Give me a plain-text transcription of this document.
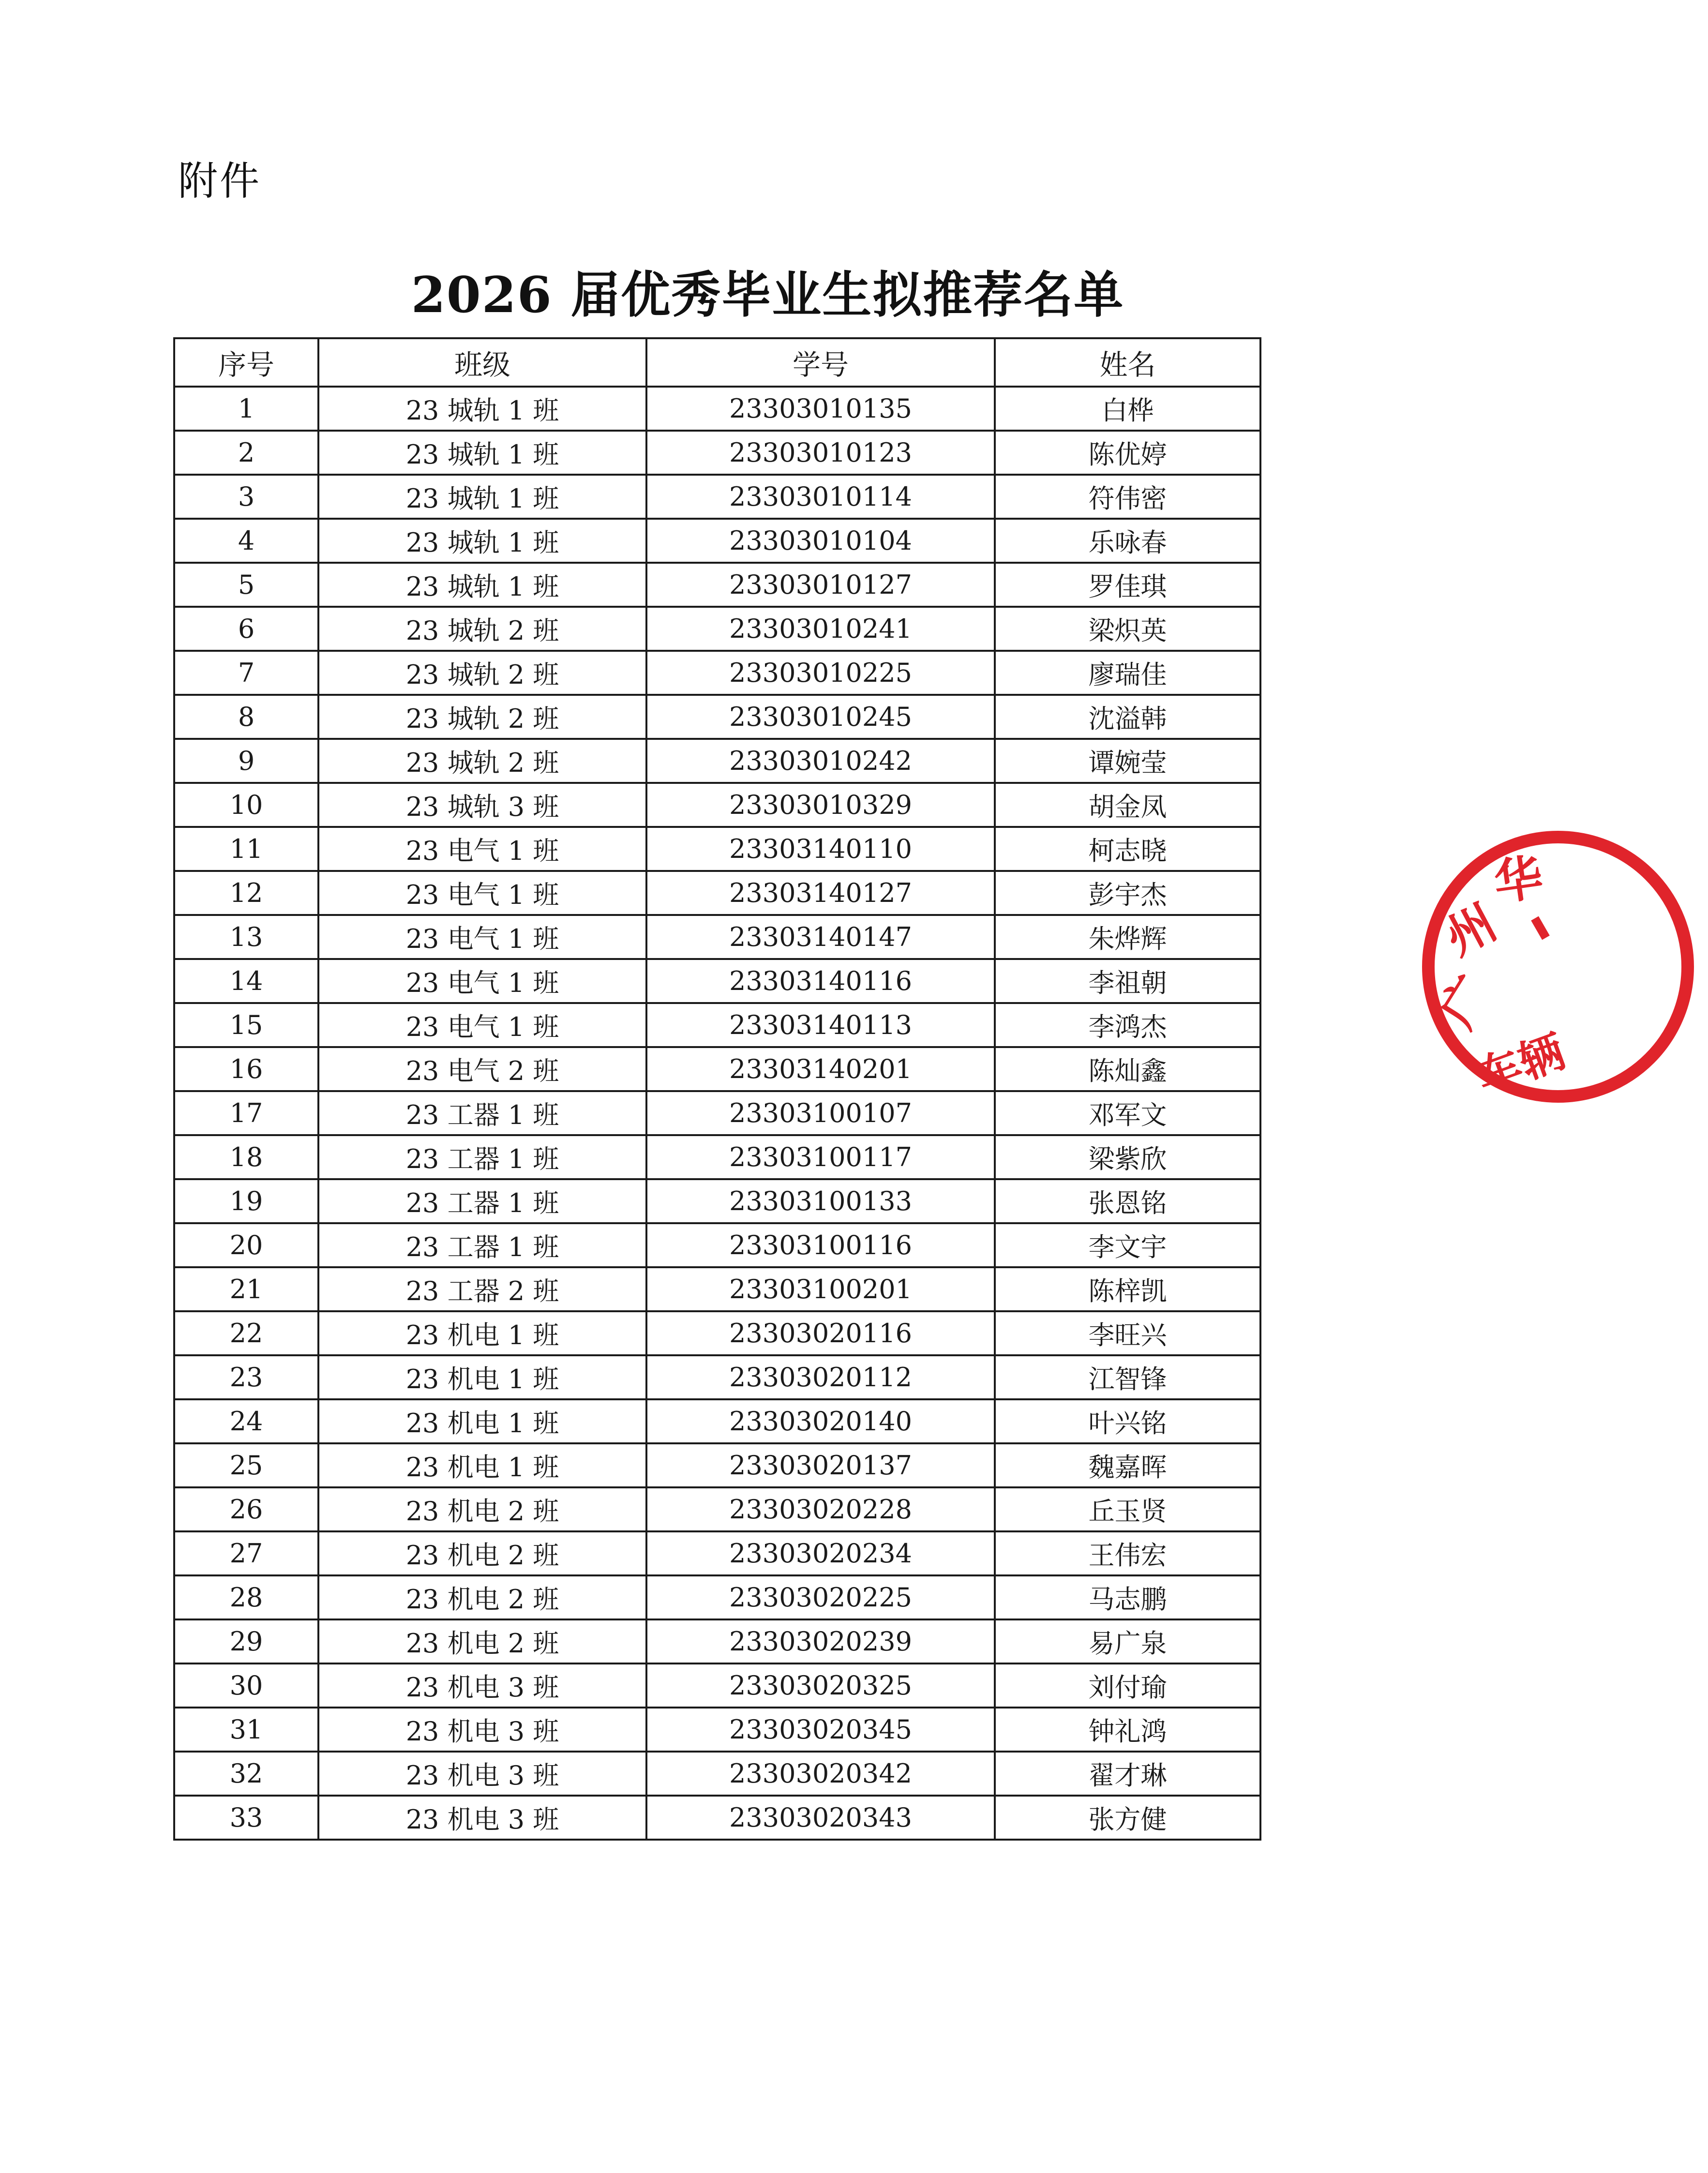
附件
2026 届优秀毕业生拟推荐名单
序号	班级	学号	姓名
1	23 城轨 1 班	23303010135	白桦
2	23 城轨 1 班	23303010123	陈优婷
3	23 城轨 1 班	23303010114	符伟密
4	23 城轨 1 班	23303010104	乐咏春
5	23 城轨 1 班	23303010127	罗佳琪
6	23 城轨 2 班	23303010241	梁炽英
7	23 城轨 2 班	23303010225	廖瑞佳
8	23 城轨 2 班	23303010245	沈溢韩
9	23 城轨 2 班	23303010242	谭婉莹
10	23 城轨 3 班	23303010329	胡金凤
11	23 电气 1 班	23303140110	柯志晓
12	23 电气 1 班	23303140127	彭宇杰
13	23 电气 1 班	23303140147	朱烨辉
14	23 电气 1 班	23303140116	李祖朝
15	23 电气 1 班	23303140113	李鸿杰
16	23 电气 2 班	23303140201	陈灿鑫
17	23 工器 1 班	23303100107	邓军文
18	23 工器 1 班	23303100117	梁紫欣
19	23 工器 1 班	23303100133	张恩铭
20	23 工器 1 班	23303100116	李文宇
21	23 工器 2 班	23303100201	陈梓凯
22	23 机电 1 班	23303020116	李旺兴
23	23 机电 1 班	23303020112	江智锋
24	23 机电 1 班	23303020140	叶兴铭
25	23 机电 1 班	23303020137	魏嘉晖
26	23 机电 2 班	23303020228	丘玉贤
27	23 机电 2 班	23303020234	王伟宏
28	23 机电 2 班	23303020225	马志鹏
29	23 机电 2 班	23303020239	易广泉
30	23 机电 3 班	23303020325	刘付瑜
31	23 机电 3 班	23303020345	钟礼鸿
32	23 机电 3 班	23303020342	翟才琳
33	23 机电 3 班	23303020343	张方健
广
州
华
车辆
